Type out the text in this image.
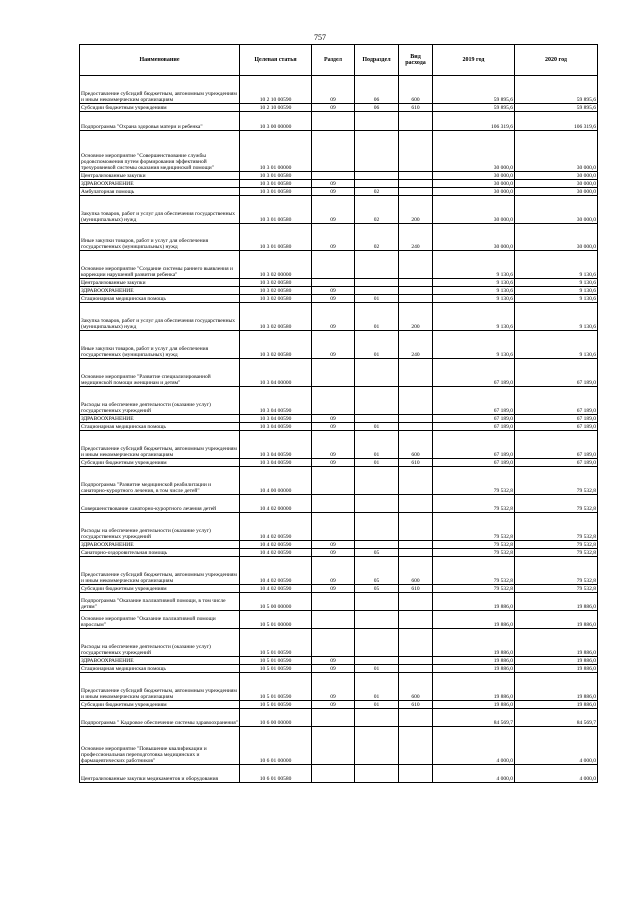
757
Наименование	Целевая статья	Раздел	Подраздел	Вид расхода	2019 год	2020 год
Предоставление субсидий бюджетным, автономным учреждениям и иным некоммерческим организациям	10 2 10 00590	09	06	600	59 895,6	59 895,6
Субсидии бюджетным учреждениям	10 2 10 00590	09	06	610	59 895,6	59 895,6
Подпрограмма "Охрана здоровья матери и ребенка"	10 3 00 00000				106 319,6	106 319,6
Основное мероприятие "Совершенствование службы родовспоможения путем формирования эффективной трехуровневой системы оказания медицинской помощи"	10 3 01 00000				30 000,0	30 000,0
Централизованные закупки	10 3 01 00580				30 000,0	30 000,0
ЗДРАВООХРАНЕНИЕ	10 3 01 00580	09			30 000,0	30 000,0
Амбулаторная помощь	10 3 01 00580	09	02		30 000,0	30 000,0
Закупка товаров, работ и услуг для обеспечения государственных (муниципальных) нужд	10 3 01 00580	09	02	200	30 000,0	30 000,0
Иные закупки товаров, работ и услуг для обеспечения государственных (муниципальных) нужд	10 3 01 00580	09	02	240	30 000,0	30 000,0
Основное мероприятие "Создание системы раннего выявления и коррекции нарушений развития ребенка"	10 3 02 00000				9 130,6	9 130,6
Централизованные закупки	10 3 02 00580				9 130,6	9 130,6
ЗДРАВООХРАНЕНИЕ	10 3 02 00580	09			9 130,6	9 130,6
Стационарная медицинская помощь	10 3 02 00580	09	01		9 130,6	9 130,6
Закупка товаров, работ и услуг для обеспечения государственных (муниципальных) нужд	10 3 02 00580	09	01	200	9 130,6	9 130,6
Иные закупки товаров, работ и услуг для обеспечения государственных (муниципальных) нужд	10 3 02 00580	09	01	240	9 130,6	9 130,6
Основное мероприятие "Развитие специализированной медицинской помощи женщинам и детям"	10 3 04 00000				67 189,0	67 189,0
Расходы на обеспечение деятельности (оказание услуг) государственных учреждений	10 3 04 00590				67 189,0	67 189,0
ЗДРАВООХРАНЕНИЕ	10 3 04 00590	09			67 189,0	67 189,0
Стационарная медицинская помощь	10 3 04 00590	09	01		67 189,0	67 189,0
Предоставление субсидий бюджетным, автономным учреждениям и иным некоммерческим организациям	10 3 04 00590	09	01	600	67 189,0	67 189,0
Субсидии бюджетным учреждениям	10 3 04 00590	09	01	610	67 189,0	67 189,0
Подпрограмма "Развитие медицинской реабилитации и санаторно-курортного лечения, в том числе детей"	10 4 00 00000				79 532,8	79 532,8
Совершенствование санаторно-курортного лечения детей	10 4 02 00000				79 532,8	79 532,8
Расходы на обеспечение деятельности (оказание услуг) государственных учреждений	10 4 02 00590				79 532,8	79 532,8
ЗДРАВООХРАНЕНИЕ	10 4 02 00590	09			79 532,8	79 532,8
Санаторно-оздоровительная помощь	10 4 02 00590	09	05		79 532,8	79 532,8
Предоставление субсидий бюджетным, автономным учреждениям и иным некоммерческим организациям	10 4 02 00590	09	05	600	79 532,8	79 532,8
Субсидии бюджетным учреждениям	10 4 02 00590	09	05	610	79 532,8	79 532,8
Подпрограмма "Оказание паллиативной помощи, в том числе детям"	10 5 00 00000				19 886,0	19 886,0
Основное мероприятие "Оказание паллиативной помощи взрослым"	10 5 01 00000				19 886,0	19 886,0
Расходы на обеспечение деятельности (оказание услуг) государственных учреждений	10 5 01 00590				19 886,0	19 886,0
ЗДРАВООХРАНЕНИЕ	10 5 01 00590	09			19 886,0	19 886,0
Стационарная медицинская помощь	10 5 01 00590	09	01		19 886,0	19 886,0
Предоставление субсидий бюджетным, автономным учреждениям и иным некоммерческим организациям	10 5 01 00590	09	01	600	19 886,0	19 886,0
Субсидии бюджетным учреждениям	10 5 01 00590	09	01	610	19 886,0	19 886,0
Подпрограмма " Кадровое обеспечение системы здравоохранения"	10 6 00 00000				84 569,7	84 569,7
Основное мероприятие "Повышение квалификации и профессиональная переподготовка медицинских и фармацевтических работников"	10 6 01 00000				4 000,0	4 000,0
Централизованные закупки медикаментов и оборудования	10 6 01 00580				4 000,0	4 000,0
